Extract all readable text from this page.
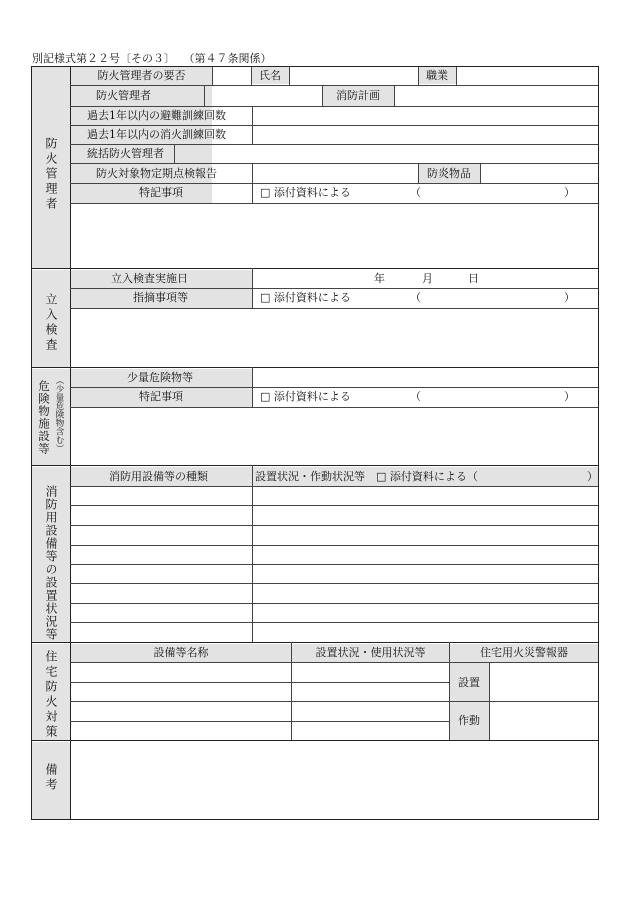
別記様式第２２号〔その３〕 （第４７条関係）
防火管理者
防火管理者の要否	氏名	職業
防火管理者	消防計画
過去1年以内の避難訓練回数
過去1年以内の消火訓練回数
統括防火管理者
防火対象物定期点検報告	防炎物品
特記事項	□ 添付資料による	（	）
立入検査
立入検査実施日	年	月	日
指摘事項等	□ 添付資料による	（	）
（少量危険物含む）
危険物施設等
少量危険物等
特記事項	□ 添付資料による	（	）
消防用設備等の設置状況等
消防用設備等の種類	設置状況・作動状況等　□ 添付資料による（	）
住宅防火対策	設備等名称	設置状況・使用状況等	住宅用火災警報器
設置
作動
備考
